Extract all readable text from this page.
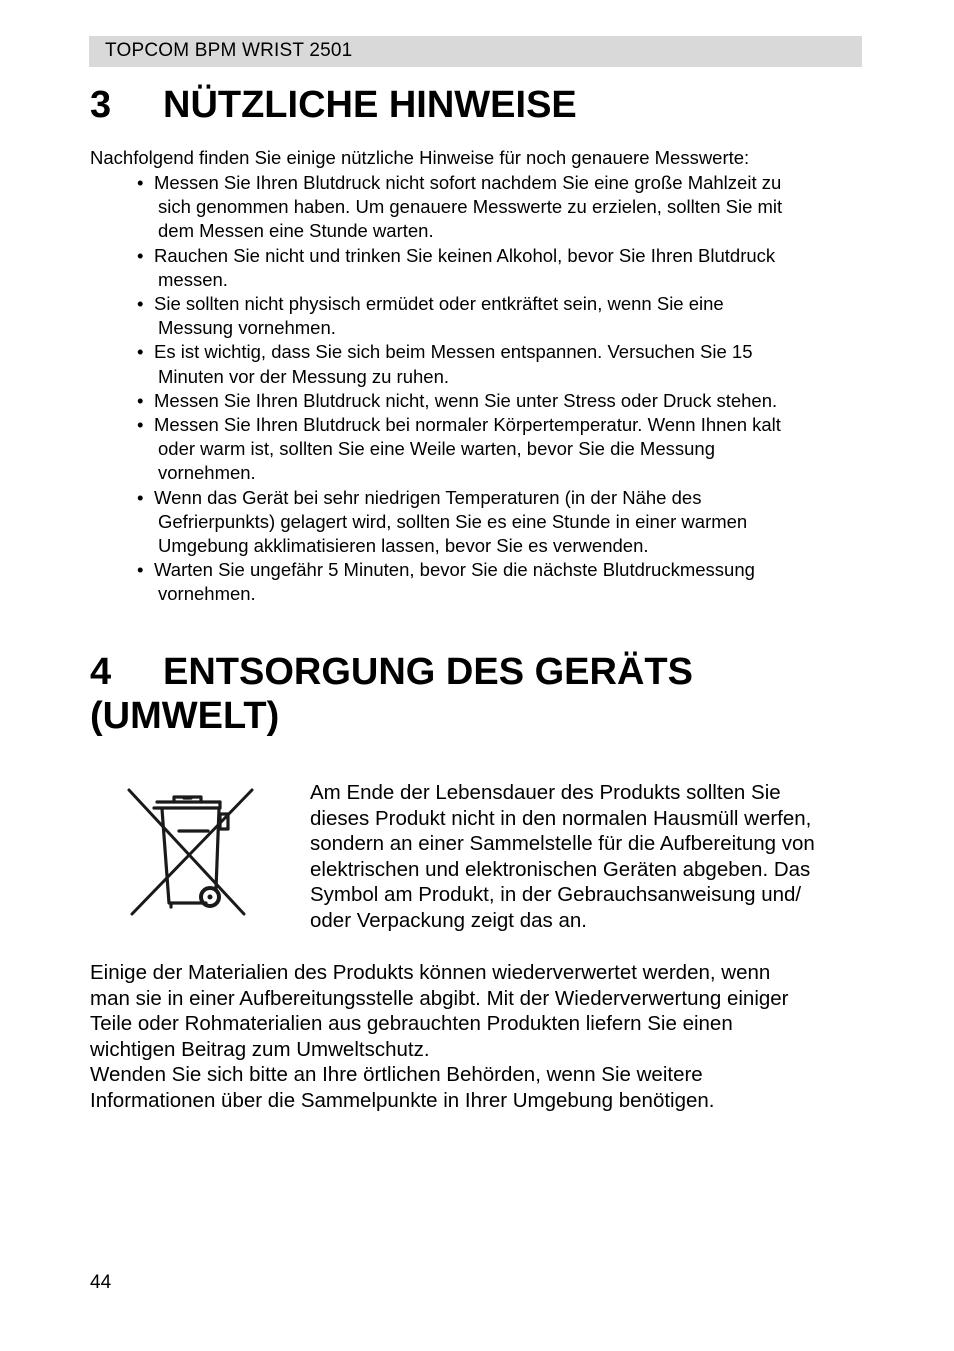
TOPCOM BPM WRIST 2501
3 NÜTZLICHE HINWEISE
Nachfolgend finden Sie einige nützliche Hinweise für noch genauere Messwerte:
• Messen Sie Ihren Blutdruck nicht sofort nachdem Sie eine große Mahlzeit zu
sich genommen haben. Um genauere Messwerte zu erzielen, sollten Sie mit
dem Messen eine Stunde warten.
• Rauchen Sie nicht und trinken Sie keinen Alkohol, bevor Sie Ihren Blutdruck
messen.
• Sie sollten nicht physisch ermüdet oder entkräftet sein, wenn Sie eine
Messung vornehmen.
• Es ist wichtig, dass Sie sich beim Messen entspannen. Versuchen Sie 15
Minuten vor der Messung zu ruhen.
• Messen Sie Ihren Blutdruck nicht, wenn Sie unter Stress oder Druck stehen.
• Messen Sie Ihren Blutdruck bei normaler Körpertemperatur. Wenn Ihnen kalt
oder warm ist, sollten Sie eine Weile warten, bevor Sie die Messung
vornehmen.
• Wenn das Gerät bei sehr niedrigen Temperaturen (in der Nähe des
Gefrierpunkts) gelagert wird, sollten Sie es eine Stunde in einer warmen
Umgebung akklimatisieren lassen, bevor Sie es verwenden.
• Warten Sie ungefähr 5 Minuten, bevor Sie die nächste Blutdruckmessung
vornehmen.
4 ENTSORGUNG DES GERÄTS
(UMWELT)
Am Ende der Lebensdauer des Produkts sollten Sie
dieses Produkt nicht in den normalen Hausmüll werfen,
sondern an einer Sammelstelle für die Aufbereitung von
elektrischen und elektronischen Geräten abgeben. Das
Symbol am Produkt, in der Gebrauchsanweisung und/
oder Verpackung zeigt das an.
Einige der Materialien des Produkts können wiederverwertet werden, wenn
man sie in einer Aufbereitungsstelle abgibt. Mit der Wiederverwertung einiger
Teile oder Rohmaterialien aus gebrauchten Produkten liefern Sie einen
wichtigen Beitrag zum Umweltschutz.
Wenden Sie sich bitte an Ihre örtlichen Behörden, wenn Sie weitere
Informationen über die Sammelpunkte in Ihrer Umgebung benötigen.
44
